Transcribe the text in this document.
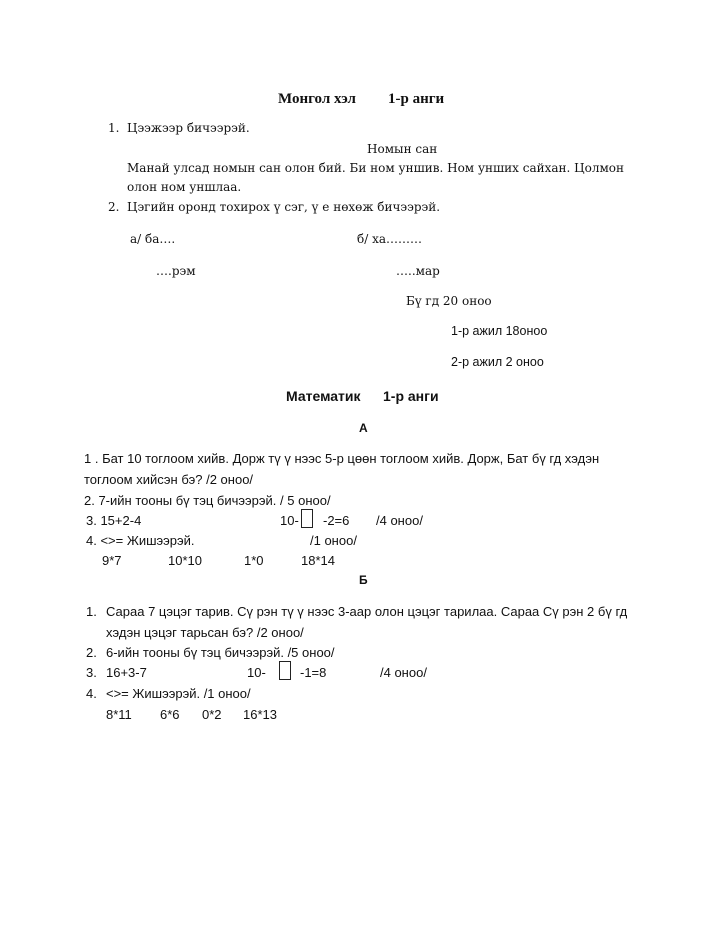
Монгол хэл 1-р анги
1. Цээжээр бичээрэй.
Номын сан
Манай улсад номын сан олон бий. Би ном уншив. Ном унших сайхан. Цолмон
олон ном уншлаа.
2. Цэгийн оронд тохирох ү сэг, ү е нөхөж бичээрэй.
а/ ба….	б/ ха………
….рэм	…..мар
Бү гд 20 оноо
1-р ажил 18оноо
2-р ажил 2 оноо
Математик 1-р анги
А
1 . Бат 10 тоглоом хийв. Дорж тү ү нээс 5-р цөөн тоглоом хийв. Дорж, Бат бү гд хэдэн
тоглоом хийсэн бэ? /2 оноо/
2. 7-ийн тооны бү тэц бичээрэй. / 5 оноо/
3. 15+2-4	10- -2=6 /4 оноо/
4. <>= Жишээрэй.	/1 оноо/
9*7	10*10	1*0	18*14
Б
1. Сараа 7 цэцэг тарив. Сү рэн тү ү нээс 3-аар олон цэцэг тарилаа. Сараа Сү рэн 2 бү гд
хэдэн цэцэг тарьсан бэ? /2 оноо/
2. 6-ийн тооны бү тэц бичээрэй. /5 оноо/
3. 16+3-7	10-	-1=8	/4 оноо/
4. <>= Жишээрэй. /1 оноо/
8*11 6*6 0*2 16*13
